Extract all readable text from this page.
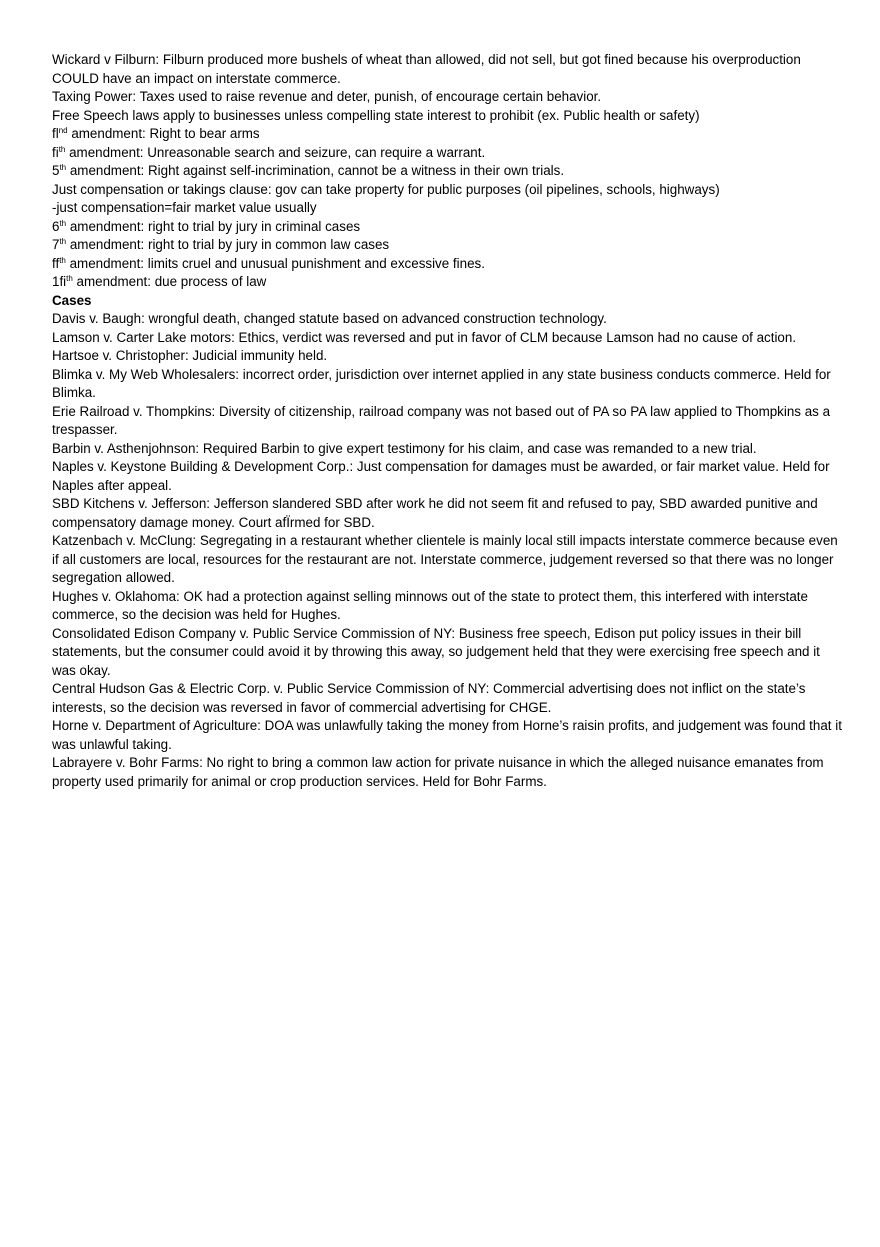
Wickard v Filburn: Filburn produced more bushels of wheat than allowed, did not sell, but got fined because his overproduction COULD have an impact on interstate commerce.

Taxing Power: Taxes used to raise revenue and deter, punish, of encourage certain behavior.

Free Speech laws apply to businesses unless compelling state interest to prohibit (ex. Public health or safety)

$fl^{nd}$ amendment: Right to bear arms

$fi^{th}$ amendment: Unreasonable search and seizure, can require a warrant.

5th amendment: Right against self-incrimination, cannot be a witness in their own trials.

Just compensation or takings clause: gov can take property for public purposes (oil pipelines, schools, highways)

-just compensation=fair market value usually

6th amendment: right to trial by jury in criminal cases

7th amendment: right to trial by jury in common law cases

$ff^{th}$ amendment: limits cruel and unusual punishment and excessive fines.

$1fi^{th}$ amendment: due process of law

Cases

Davis v. Baugh: wrongful death, changed statute based on advanced construction technology.

Lamson v. Carter Lake motors: Ethics, verdict was reversed and put in favor of CLM because Lamson had no cause of action.

Hartsoe v. Christopher: Judicial immunity held.

Blimka v. My Web Wholesalers: incorrect order, jurisdiction over internet applied in any state business conducts commerce. Held for Blimka.

Erie Railroad v. Thompkins: Diversity of citizenship, railroad company was not based out of PA so PA law applied to Thompkins as a trespasser.

Barbin v. Asthenjohnson: Required Barbin to give expert testimony for his claim, and case was remanded to a new trial.

Naples v. Keystone Building & Development Corp.: Just compensation for damages must be awarded, or fair market value. Held for Naples after appeal.

SBD Kitchens v. Jefferson: Jefferson slandered SBD after work he did not seem fit and refused to pay, SBD awarded punitive and compensatory damage money. Court afÏrmed for SBD.

Katzenbach v. McClung: Segregating in a restaurant whether clientele is mainly local still impacts interstate commerce because even if all customers are local, resources for the restaurant are not. Interstate commerce, judgement reversed so that there was no longer segregation allowed.

Hughes v. Oklahoma: OK had a protection against selling minnows out of the state to protect them, this interfered with interstate commerce, so the decision was held for Hughes.

Consolidated Edison Company v. Public Service Commission of NY: Business free speech, Edison put policy issues in their bill statements, but the consumer could avoid it by throwing this away, so judgement held that they were exercising free speech and it was okay.

Central Hudson Gas & Electric Corp. v. Public Service Commission of NY: Commercial advertising does not inflict on the state’s interests, so the decision was reversed in favor of commercial advertising for CHGE.

Horne v. Department of Agriculture: DOA was unlawfully taking the money from Horne’s raisin profits, and judgement was found that it was unlawful taking.

Labrayere v. Bohr Farms: No right to bring a common law action for private nuisance in which the alleged nuisance emanates from property used primarily for animal or crop production services. Held for Bohr Farms.
